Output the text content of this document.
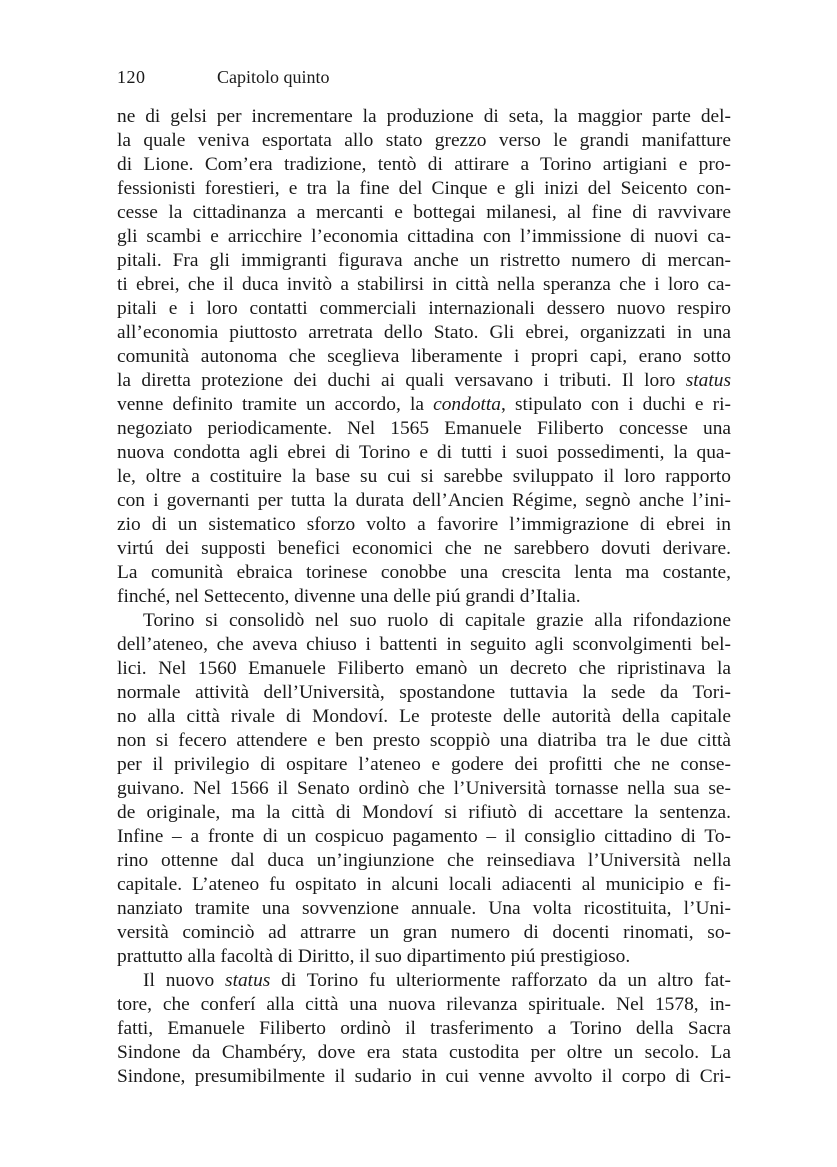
120	Capitolo quinto
ne di gelsi per incrementare la produzione di seta, la maggior parte del-
la quale veniva esportata allo stato grezzo verso le grandi manifatture
di Lione. Com’era tradizione, tentò di attirare a Torino artigiani e pro-
fessionisti forestieri, e tra la fine del Cinque e gli inizi del Seicento con-
cesse la cittadinanza a mercanti e bottegai milanesi, al fine di ravvivare
gli scambi e arricchire l’economia cittadina con l’immissione di nuovi ca-
pitali. Fra gli immigranti figurava anche un ristretto numero di mercan-
ti ebrei, che il duca invitò a stabilirsi in città nella speranza che i loro ca-
pitali e i loro contatti commerciali internazionali dessero nuovo respiro
all’economia piuttosto arretrata dello Stato. Gli ebrei, organizzati in una
comunità autonoma che sceglieva liberamente i propri capi, erano sotto
la diretta protezione dei duchi ai quali versavano i tributi. Il loro status
venne definito tramite un accordo, la condotta, stipulato con i duchi e ri-
negoziato periodicamente. Nel 1565 Emanuele Filiberto concesse una
nuova condotta agli ebrei di Torino e di tutti i suoi possedimenti, la qua-
le, oltre a costituire la base su cui si sarebbe sviluppato il loro rapporto
con i governanti per tutta la durata dell’Ancien Régime, segnò anche l’ini-
zio di un sistematico sforzo volto a favorire l’immigrazione di ebrei in
virtú dei supposti benefici economici che ne sarebbero dovuti derivare.
La comunità ebraica torinese conobbe una crescita lenta ma costante,
finché, nel Settecento, divenne una delle piú grandi d’Italia.
Torino si consolidò nel suo ruolo di capitale grazie alla rifondazione
dell’ateneo, che aveva chiuso i battenti in seguito agli sconvolgimenti bel-
lici. Nel 1560 Emanuele Filiberto emanò un decreto che ripristinava la
normale attività dell’Università, spostandone tuttavia la sede da Tori-
no alla città rivale di Mondoví. Le proteste delle autorità della capitale
non si fecero attendere e ben presto scoppiò una diatriba tra le due città
per il privilegio di ospitare l’ateneo e godere dei profitti che ne conse-
guivano. Nel 1566 il Senato ordinò che l’Università tornasse nella sua se-
de originale, ma la città di Mondoví si rifiutò di accettare la sentenza.
Infine – a fronte di un cospicuo pagamento – il consiglio cittadino di To-
rino ottenne dal duca un’ingiunzione che reinsediava l’Università nella
capitale. L’ateneo fu ospitato in alcuni locali adiacenti al municipio e fi-
nanziato tramite una sovvenzione annuale. Una volta ricostituita, l’Uni-
versità cominciò ad attrarre un gran numero di docenti rinomati, so-
prattutto alla facoltà di Diritto, il suo dipartimento piú prestigioso.
Il nuovo status di Torino fu ulteriormente rafforzato da un altro fat-
tore, che conferí alla città una nuova rilevanza spirituale. Nel 1578, in-
fatti, Emanuele Filiberto ordinò il trasferimento a Torino della Sacra
Sindone da Chambéry, dove era stata custodita per oltre un secolo. La
Sindone, presumibilmente il sudario in cui venne avvolto il corpo di Cri-
